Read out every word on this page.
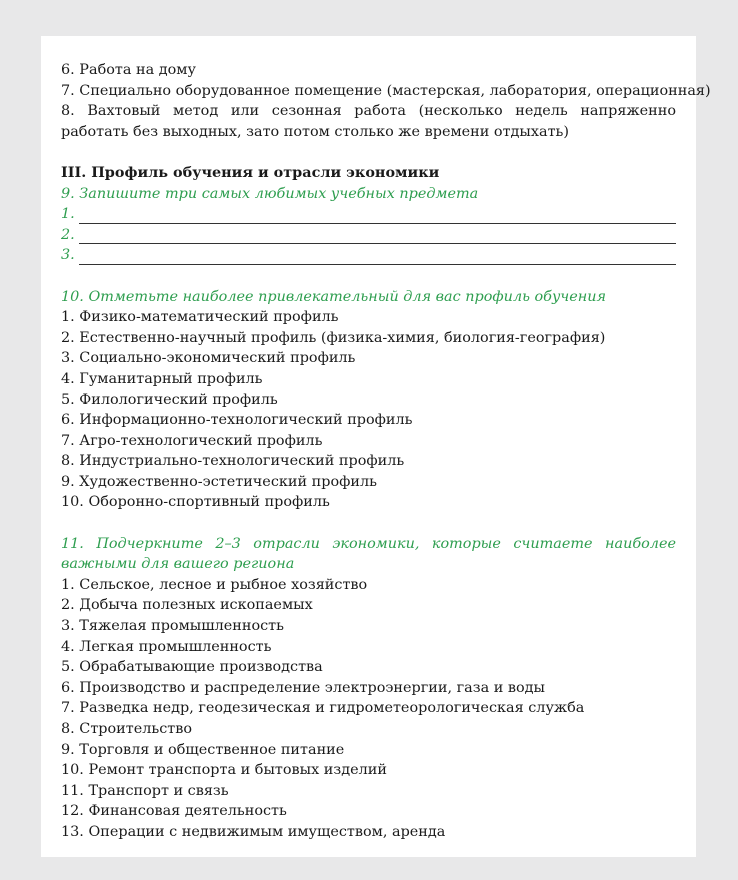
6. Работа на дому
7. Специально оборудованное помещение (мастерская, лаборатория, операционная)
8. Вахтовый метод или сезонная работа (несколько недель напряженно работать без выходных, зато потом столько же времени отдыхать)
III. Профиль обучения и отрасли экономики
9. Запишите три самых любимых учебных предмета
1.
2.
3.
10. Отметьте наиболее привлекательный для вас профиль обучения
1. Физико-математический профиль
2. Естественно-научный профиль (физика-химия, биология-география)
3. Социально-экономический профиль
4. Гуманитарный профиль
5. Филологический профиль
6. Информационно-технологический профиль
7. Агро-технологический профиль
8. Индустриально-технологический профиль
9. Художественно-эстетический профиль
10. Оборонно-спортивный профиль
11. Подчеркните 2–3 отрасли экономики, которые считаете наиболее важными для вашего региона
1. Сельское, лесное и рыбное хозяйство
2. Добыча полезных ископаемых
3. Тяжелая промышленность
4. Легкая промышленность
5. Обрабатывающие производства
6. Производство и распределение электроэнергии, газа и воды
7. Разведка недр, геодезическая и гидрометеорологическая служба
8. Строительство
9. Торговля и общественное питание
10. Ремонт транспорта и бытовых изделий
11. Транспорт и связь
12. Финансовая деятельность
13. Операции с недвижимым имуществом, аренда
